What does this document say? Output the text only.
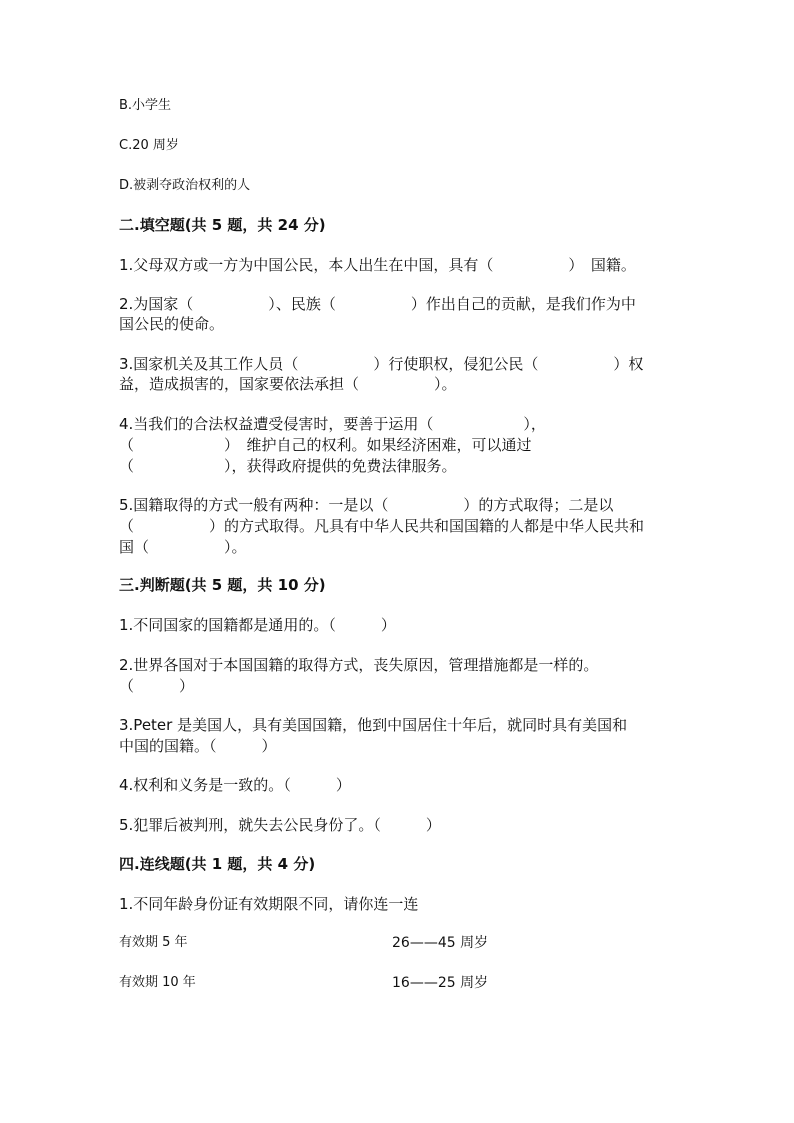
B.小学生
C.20 周岁
D.被剥夺政治权利的人
二.填空题(共 5 题，共 24 分)
1.父母双方或一方为中国公民，本人出生在中国，具有（　　　　　）　国籍。
2.为国家（　　　　　）、民族（　　　　　）作出自己的贡献，是我们作为中
国公民的使命。
3.国家机关及其工作人员（　　　　　）行使职权，侵犯公民（　　　　　）权
益，造成损害的，国家要依法承担（　　　　　）。
4.当我们的合法权益遭受侵害时，要善于运用（　　　　　　），
（　　　　　　）　维护自己的权利。如果经济困难，可以通过
（　　　　　　），获得政府提供的免费法律服务。
5.国籍取得的方式一般有两种：一是以（　　　　　）的方式取得；二是以
（　　　　　）的方式取得。凡具有中华人民共和国国籍的人都是中华人民共和
国（　　　　　）。
三.判断题(共 5 题，共 10 分)
1.不同国家的国籍都是通用的。（　　　）
2.世界各国对于本国国籍的取得方式，丧失原因，管理措施都是一样的。
（　　　）
3.Peter 是美国人，具有美国国籍，他到中国居住十年后，就同时具有美国和
中国的国籍。（　　　）
4.权利和义务是一致的。（　　　）
5.犯罪后被判刑，就失去公民身份了。（　　　）
四.连线题(共 1 题，共 4 分)
1.不同年龄身份证有效期限不同，请你连一连
有效期 5 年	26——45 周岁
有效期 10 年	16——25 周岁
